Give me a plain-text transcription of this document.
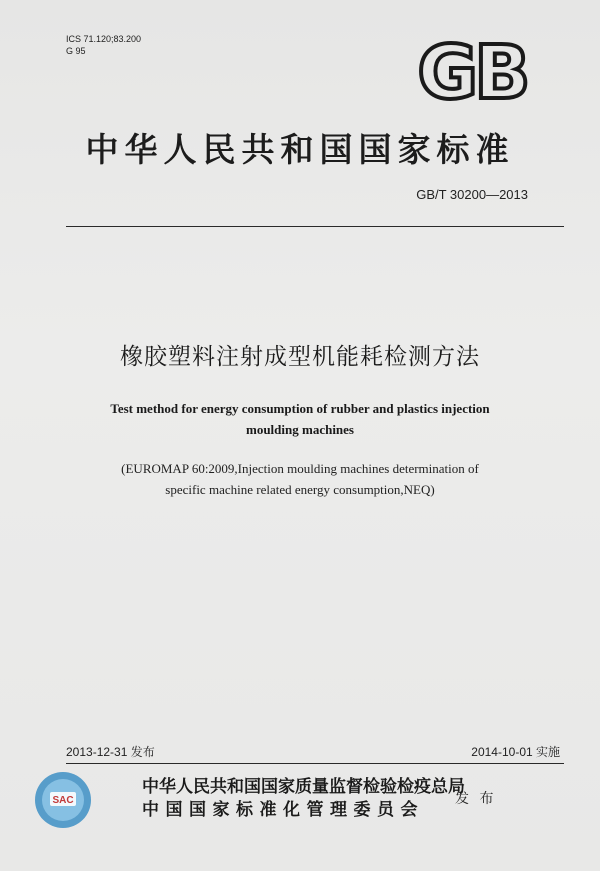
ICS 71.120;83.200
G 95	GB
中华人民共和国国家标准
GB/T 30200—2013
橡胶塑料注射成型机能耗检测方法
Test method for energy consumption of rubber and plastics injection
moulding machines
(EUROMAP 60:2009,Injection moulding machines determination of
specific machine related energy consumption,NEQ)
2013-12-31 发布	2014-10-01 实施
SAC
中华人民共和国国家质量监督检验检疫总局
中国国家标准化管理委员会
发 布
